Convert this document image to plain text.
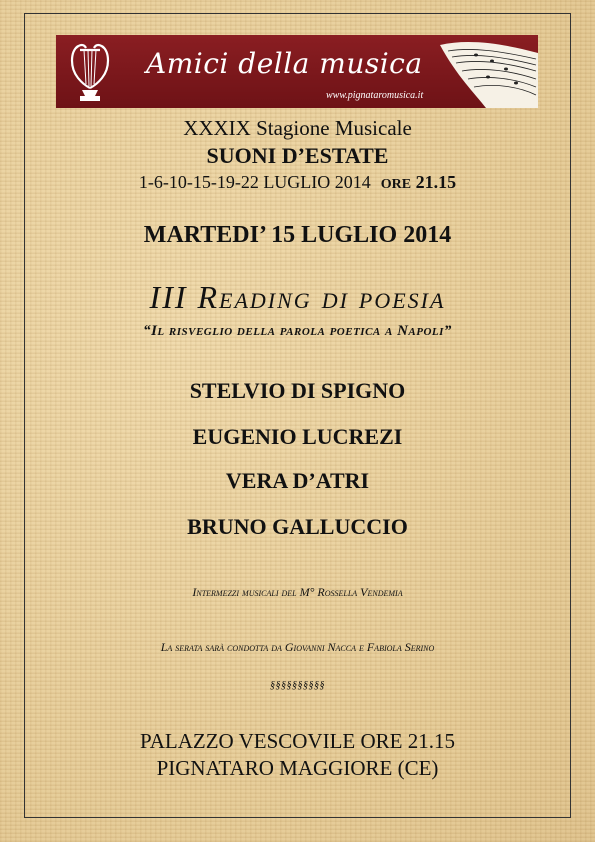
Amici della musica
www.pignataromusica.it
XXXIX Stagione Musicale
SUONI D’ESTATE
1-6-10-15-19-22 LUGLIO 2014 ORE 21.15
MARTEDI’ 15 LUGLIO 2014
III Reading di poesia
“Il risveglio della parola poetica a Napoli”
STELVIO DI SPIGNO
EUGENIO LUCREZI
VERA D’ATRI
BRUNO GALLUCCIO
Intermezzi musicali del M° Rossella Vendemia
La serata sarà condotta da Giovanni Nacca e Fabiola Serino
§§§§§§§§§§
PALAZZO VESCOVILE ORE 21.15
PIGNATARO MAGGIORE (CE)
